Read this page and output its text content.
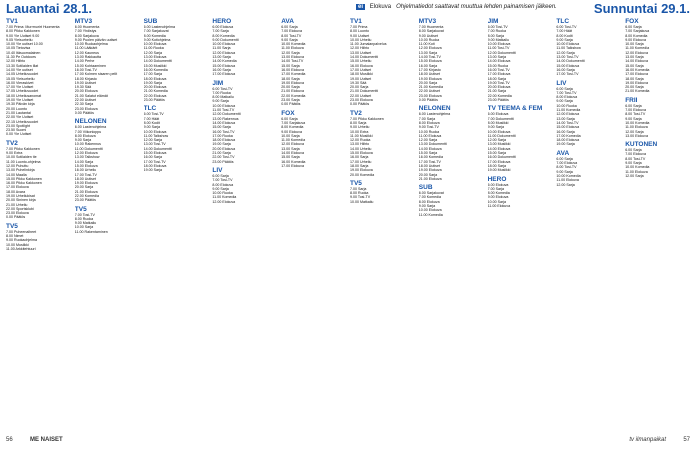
Lauantai 28.1.	ei Elokuva Ohjelmatiedot saattavat muuttua lehden painamisen jälkeen.	Sunnuntai 29.1.
TV1
7.00 Prima: Murrmurirt Huomenta
8.00 Pikku Kakkonen
9.00 Yle Uutiset 9.00
9.05 Yleisurheilu
10.00 Yle uutiset 10.00
10.05 Tietovisa
10.40 Itäsuomalainen
11.30 Pe Outdoors
12.00 Hiihto
13.30 Sotilaiden illat
14.00 Yle uutiset
14.05 Urheiluvuodet
15.05 Yleisurheilu
16.00 Vieraskivet
17.00 Yle Uutiset
17.05 Urheiluvuodet
18.00 Urheilusanomat
19.00 Yle Uutiset
19.30 Päivän kirja
20.00 Luonto
21.00 Lautantai
22.00 Yle Uutiset
22.15 Urheiluvuodet
23.00 Spotlight
23.50 Suomi
0.00 Yle Uutiset
TV2
7.00 Pikku Kakkonen
9.00 Extra
10.00 Sotilaiden tie
11.00 Luonto-ohjelma
12.00 Puhuttu
13.00 Puhelinkirja
14.00 Maalla
15.00 Pikku Kakkonen
16.00 Pikku Kakkonen
17.00 Elokuva
18.00 Avara
19.00 Urheilukisat
20.00 Sininen kirja
21.00 Urheilu
22.00 Sportsklubi
23.00 Elokuva
0.00 Päätös
TV5
7.00 Puheenaiheet
8.00 Nimet
9.00 Ruokaohjelma
10.00 Musiikki
11.00 Arkkitehtuuri
MTV3
6.00 Huomenta
7.00 Yhdistys
8.00 Sarjakuva
9.00 Puolen päivän uutiset
10.00 Ruokaohjelma
11.00 Lääkärit
12.00 Kauneus
13.00 Rakkautta
14.00 Perhe
15.00 Kohtaaminen
16.00 Tosi-TV
17.00 Kolmen sisaren pelit
18.00 Kirjasto
19.00 Uutiset
19.30 Sää
20.00 Elokuva
21.00 Salatut elämät
22.00 Uutiset
22.30 Sarja
23.00 Elokuva
0.00 Päätös
NELONEN
6.00 Lastenohjelma
7.00 Viikonloppu
8.00 Elokuva
9.00 Sarja
10.00 Rakennus
11.00 Dokumentti
12.00 Elokuva
13.00 Talkshow
14.00 Sarja
15.00 Elokuva
16.00 Urheilu
17.00 Tosi-TV
18.00 Uutiset
19.00 Elokuva
20.00 Sarja
21.00 Elokuva
22.00 Komedia
23.00 Päätös
TV5
7.00 Tosi-TV
8.00 Ruoka
9.00 Matkailu
10.00 Sarja
11.00 Rakentaminen
SUB
6.00 Lastenohjelma
7.00 Sarjakuvat
8.00 Komedia
9.00 Kotiohjelma
10.00 Elokuva
11.00 Ruoka
12.00 Sarja
13.00 Elokuva
14.00 Dokumentti
15.00 Musiikki
16.00 Komedia
17.00 Sarja
18.00 Elokuva
19.00 Sarja
20.00 Elokuva
21.00 Komedia
22.00 Elokuva
23.00 Päätös
TLC
6.00 Tosi-TV
7.00 Häät
8.00 Kodit
9.00 Sarja
10.00 Elokuva
11.00 Talkshow
12.00 Sarja
13.00 Tosi-TV
14.00 Dokumentti
15.00 Elokuva
16.00 Sarja
17.00 Tosi-TV
18.00 Elokuva
19.00 Sarja
HERO
6.00 Elokuva
7.00 Sarja
8.00 Komedia
9.00 Dokumentti
10.00 Elokuva
11.00 Sarja
12.00 Elokuva
13.00 Sarja
14.00 Komedia
15.00 Elokuva
16.00 Sarja
17.00 Elokuva
JIM
6.00 Tosi-TV
7.00 Ruoka
8.00 Matkailu
9.00 Sarja
10.00 Elokuva
11.00 Tosi-TV
12.00 Dokumentti
13.00 Rakennus
14.00 Elokuva
15.00 Sarja
16.00 Tosi-TV
17.00 Ruoka
18.00 Elokuva
19.00 Sarja
20.00 Elokuva
21.00 Sarja
22.00 Tosi-TV
23.00 Päätös
LIV
6.00 Sarja
7.00 Tosi-TV
8.00 Elokuva
9.00 Sarja
10.00 Ruoka
11.00 Komedia
12.00 Elokuva
AVA
6.00 Sarja
7.00 Elokuva
8.00 Tosi-TV
9.00 Sarja
10.00 Komedia
11.00 Elokuva
12.00 Sarja
13.00 Elokuva
14.00 Tosi-TV
15.00 Sarja
16.00 Elokuva
17.00 Komedia
18.00 Sarja
19.00 Elokuva
20.00 Sarja
21.00 Elokuva
22.00 Komedia
23.00 Sarja
0.00 Päätös
FOX
6.00 Sarja
7.00 Sarjakuva
8.00 Komedia
9.00 Elokuva
10.00 Sarja
11.00 Komedia
12.00 Elokuva
13.00 Sarja
14.00 Elokuva
15.00 Sarja
16.00 Komedia
17.00 Elokuva
TV1
7.00 Prima
8.00 Luonto
9.00 Uutiset
10.00 Urheilu
11.00 Jumalanpalvelus
12.00 Hiihto
13.00 Uutiset
14.00 Dokumentti
15.00 Urheilu
16.00 Elokuva
17.00 Uutiset
18.00 Musiikki
19.00 Uutiset
19.30 Sää
20.00 Sarja
21.00 Dokumentti
22.00 Uutiset
23.00 Elokuva
0.00 Päätös
TV2
7.00 Pikku Kakkonen
8.00 Sarja
9.00 Urheilu
10.00 Extra
11.00 Musiikki
12.00 Ruoka
13.00 Hiihto
14.00 Urheilu
15.00 Elokuva
16.00 Sarja
17.00 Urheilu
18.00 Sarja
19.00 Elokuva
20.00 Komedia
TV5
7.00 Sarja
8.00 Ruoka
9.00 Tosi-TV
10.00 Matkailu
MTV3
7.00 Huomenta
8.00 Sarjakuvat
9.00 Uutiset
10.00 Ruoka
11.00 Koti
12.00 Elokuva
13.00 Sarja
14.00 Tosi-TV
15.00 Elokuva
16.00 Sarja
17.00 Kirjasto
18.00 Uutiset
19.00 Elokuva
20.00 Sarja
21.00 Komedia
22.00 Uutiset
23.00 Elokuva
0.00 Päätös
NELONEN
6.00 Lastenohjelma
7.00 Sarja
8.00 Elokuva
9.00 Tosi-TV
10.00 Ruoka
11.00 Elokuva
12.00 Sarja
13.00 Dokumentti
14.00 Elokuva
15.00 Sarja
16.00 Komedia
17.00 Tosi-TV
18.00 Uutiset
19.00 Elokuva
20.00 Sarja
21.00 Elokuva
SUB
6.00 Sarjakuvat
7.00 Komedia
8.00 Elokuva
9.00 Sarja
10.00 Elokuva
11.00 Komedia
JIM
6.00 Tosi-TV
7.00 Ruoka
8.00 Sarja
9.00 Matkailu
10.00 Elokuva
11.00 Tosi-TV
12.00 Dokumentti
13.00 Sarja
14.00 Elokuva
15.00 Ruoka
16.00 Tosi-TV
17.00 Elokuva
18.00 Sarja
19.00 Tosi-TV
20.00 Elokuva
21.00 Sarja
22.00 Komedia
23.00 Päätös
TV TEEMA & FEM
6.00 Elokuva
7.00 Dokumentti
8.00 Musiikki
9.00 Sarja
10.00 Elokuva
11.00 Dokumentti
12.00 Sarja
13.00 Musiikki
14.00 Elokuva
15.00 Sarja
16.00 Dokumentti
17.00 Elokuva
18.00 Sarja
19.00 Musiikki
HERO
6.00 Elokuva
7.00 Sarja
8.00 Komedia
9.00 Elokuva
10.00 Sarja
11.00 Elokuva
TLC
6.00 Tosi-TV
7.00 Häät
8.00 Kodit
9.00 Sarja
10.00 Elokuva
11.00 Talkshow
12.00 Sarja
13.00 Tosi-TV
14.00 Dokumentti
15.00 Elokuva
16.00 Sarja
17.00 Tosi-TV
LIV
6.00 Sarja
7.00 Tosi-TV
8.00 Elokuva
9.00 Sarja
10.00 Ruoka
11.00 Komedia
12.00 Elokuva
13.00 Sarja
14.00 Tosi-TV
15.00 Elokuva
16.00 Sarja
17.00 Komedia
18.00 Elokuva
19.00 Sarja
AVA
6.00 Sarja
7.00 Elokuva
8.00 Tosi-TV
9.00 Sarja
10.00 Komedia
11.00 Elokuva
12.00 Sarja
FOX
6.00 Sarja
7.00 Sarjakuva
8.00 Komedia
9.00 Elokuva
10.00 Sarja
11.00 Komedia
12.00 Elokuva
13.00 Sarja
14.00 Elokuva
15.00 Sarja
16.00 Komedia
17.00 Elokuva
18.00 Sarja
19.00 Elokuva
20.00 Sarja
21.00 Komedia
FRII
6.00 Sarja
7.00 Elokuva
8.00 Tosi-TV
9.00 Sarja
10.00 Komedia
11.00 Elokuva
12.00 Sarja
13.00 Elokuva
KUTONEN
6.00 Sarja
7.00 Elokuva
8.00 Tosi-TV
9.00 Sarja
10.00 Komedia
11.00 Elokuva
12.00 Sarja
56	ME NAISET	tv ilmanpaikat	57
